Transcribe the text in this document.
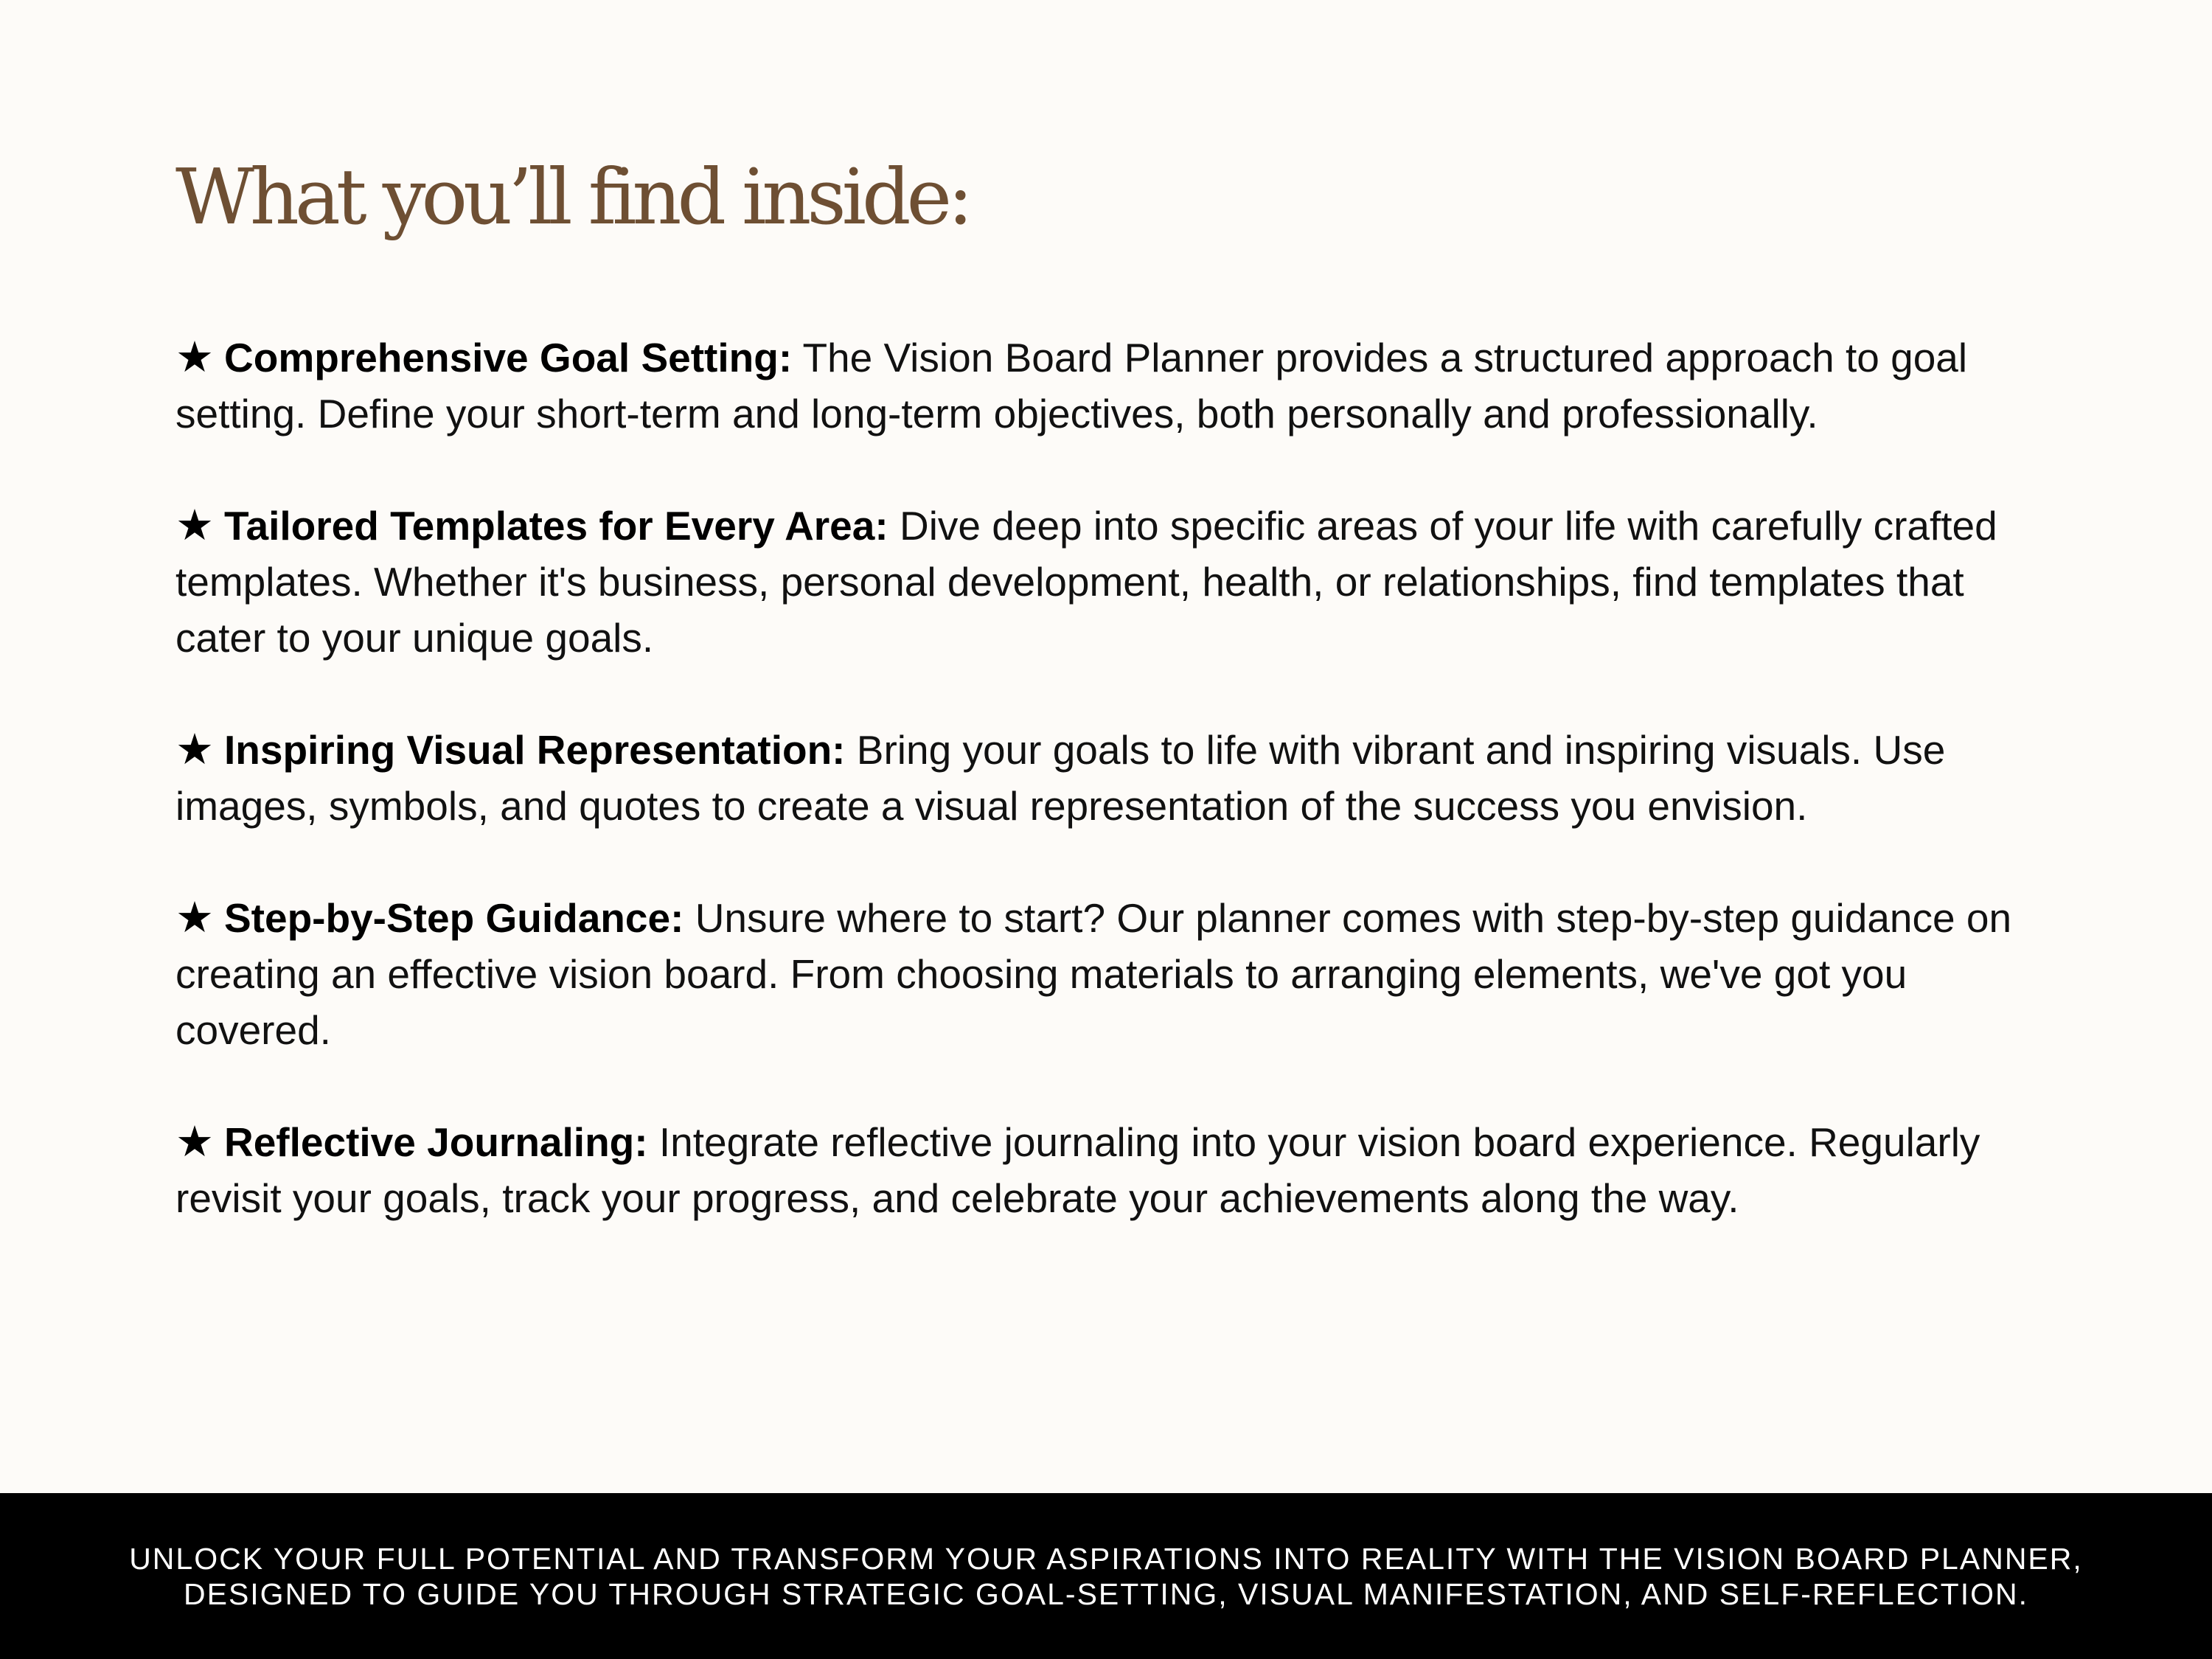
What you’ll find inside:
★ Comprehensive Goal Setting: The Vision Board Planner provides a structured approach to goal setting. Define your short-term and long-term objectives, both personally and professionally.
★ Tailored Templates for Every Area: Dive deep into specific areas of your life with carefully crafted templates. Whether it's business, personal development, health, or relationships, find templates that cater to your unique goals.
★ Inspiring Visual Representation: Bring your goals to life with vibrant and inspiring visuals. Use images, symbols, and quotes to create a visual representation of the success you envision.
★ Step-by-Step Guidance: Unsure where to start? Our planner comes with step-by-step guidance on creating an effective vision board. From choosing materials to arranging elements, we've got you covered.
★ Reflective Journaling: Integrate reflective journaling into your vision board experience. Regularly revisit your goals, track your progress, and celebrate your achievements along the way.

UNLOCK YOUR FULL POTENTIAL AND TRANSFORM YOUR ASPIRATIONS INTO REALITY WITH THE VISION BOARD PLANNER,
DESIGNED TO GUIDE YOU THROUGH STRATEGIC GOAL-SETTING, VISUAL MANIFESTATION, AND SELF-REFLECTION.
